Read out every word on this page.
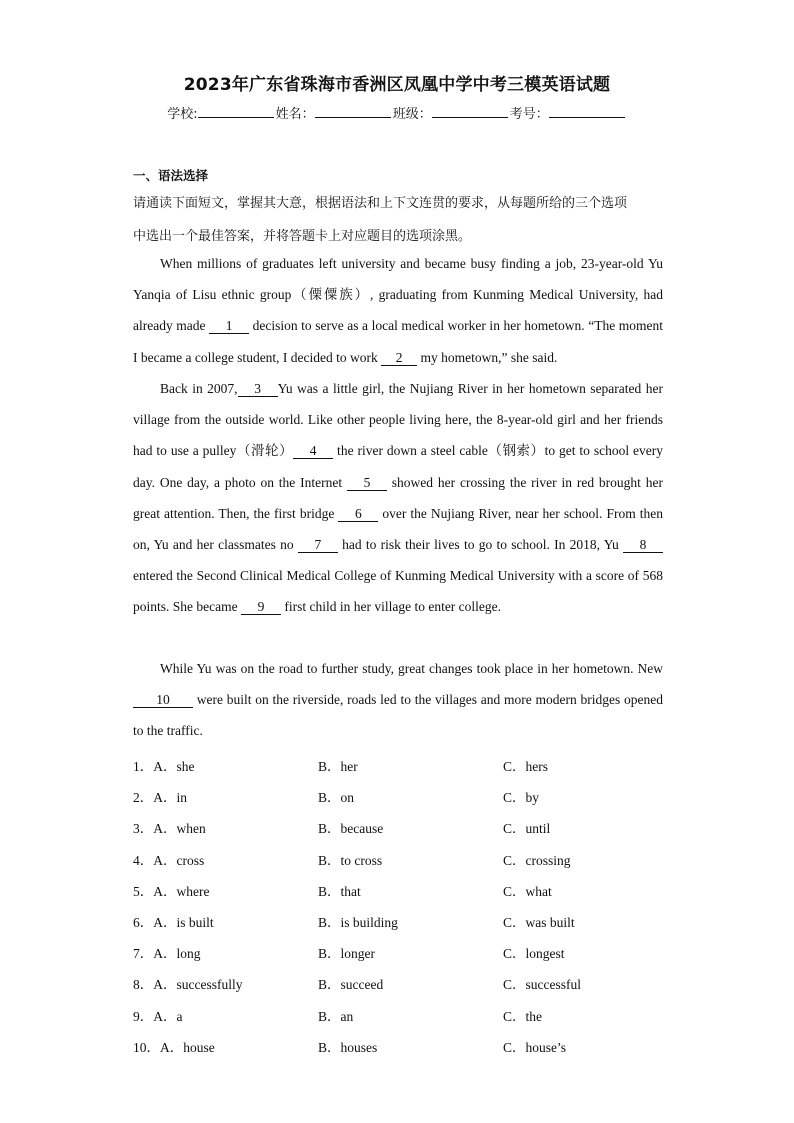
2023年广东省珠海市香洲区凤凰中学中考三模英语试题
学校:	姓名：	班级：	考号：
一、语法选择
请通读下面短文，掌握其大意，根据语法和上下文连贯的要求，从每题所给的三个选项
中选出一个最佳答案，并将答题卡上对应题目的选项涂黑。
When millions of graduates left university and became busy finding a job, 23-year-old Yu Yanqia of Lisu ethnic group（傈僳族）, graduating from Kunming Medical University, had already made 1 decision to serve as a local medical worker in her hometown. “The moment I became a college student, I decided to work 2 my hometown,” she said.
Back in 2007, 3 Yu was a little girl, the Nujiang River in her hometown separated her village from the outside world. Like other people living here, the 8-year-old girl and her friends had to use a pulley（滑轮） 4 the river down a steel cable（钢索）to get to school every day. One day, a photo on the Internet 5 showed her crossing the river in red brought her great attention. Then, the first bridge 6 over the Nujiang River, near her school. From then on, Yu and her classmates no 7 had to risk their lives to go to school. In 2018, Yu 8 entered the Second Clinical Medical College of Kunming Medical University with a score of 568 points. She became 9 first child in her village to enter college.
While Yu was on the road to further study, great changes took place in her hometown. New 10 were built on the riverside, roads led to the villages and more modern bridges opened to the traffic.
1．A．she	B．her	C．hers
2．A．in	B．on	C．by
3．A．when	B．because	C．until
4．A．cross	B．to cross	C．crossing
5．A．where	B．that	C．what
6．A．is built	B．is building	C．was built
7．A．long	B．longer	C．longest
8．A．successfully	B．succeed	C．successful
9．A．a	B．an	C．the
10．A．house	B．houses	C．house’s
